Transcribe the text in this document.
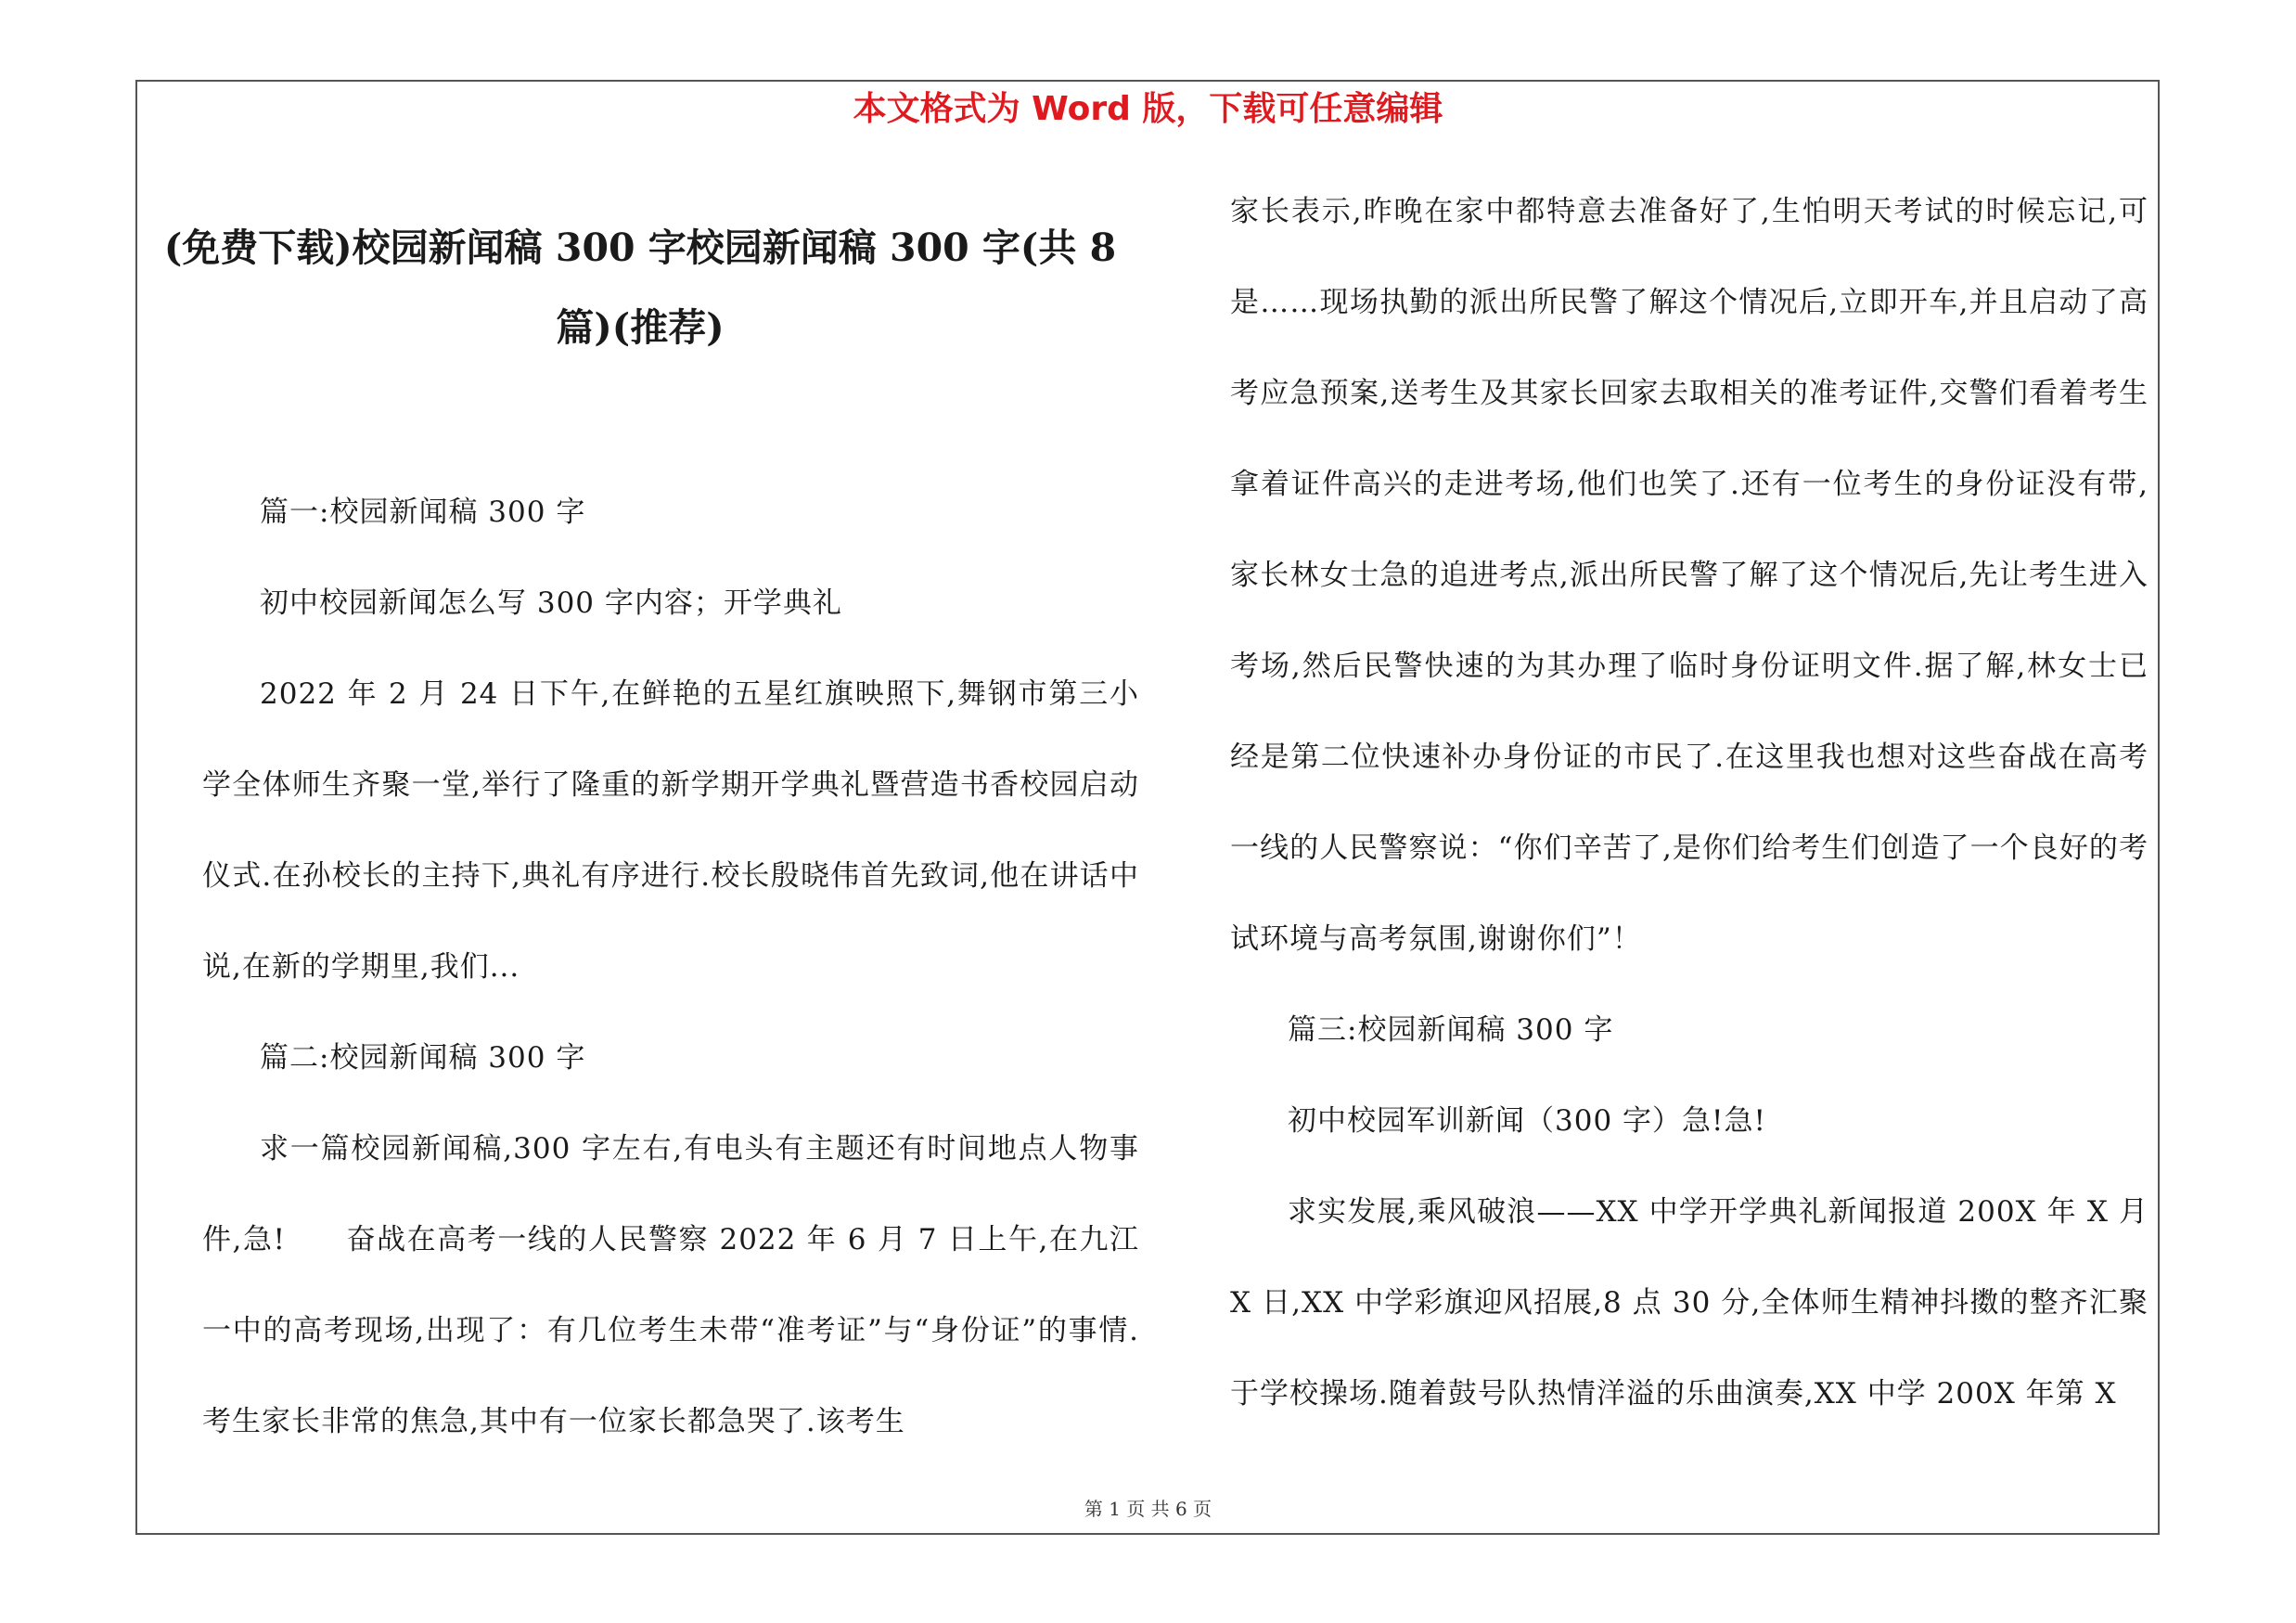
本文格式为 Word 版，下载可任意编辑
(免费下载)校园新闻稿 300 字校园新闻稿 300 字(共 8 篇)(推荐)
篇一:校园新闻稿 300 字
初中校园新闻怎么写 300 字内容；开学典礼
2022 年 2 月 24 日下午,在鲜艳的五星红旗映照下,舞钢市第三小学全体师生齐聚一堂,举行了隆重的新学期开学典礼暨营造书香校园启动仪式.在孙校长的主持下,典礼有序进行.校长殷晓伟首先致词,他在讲话中说,在新的学期里,我们...
篇二:校园新闻稿 300 字
求一篇校园新闻稿,300 字左右,有电头有主题还有时间地点人物事件,急!　　奋战在高考一线的人民警察 2022 年 6 月 7 日上午,在九江一中的高考现场,出现了：有几位考生未带“准考证”与“身份证”的事情.考生家长非常的焦急,其中有一位家长都急哭了.该考生
家长表示,昨晚在家中都特意去准备好了,生怕明天考试的时候忘记,可是……现场执勤的派出所民警了解这个情况后,立即开车,并且启动了高考应急预案,送考生及其家长回家去取相关的准考证件,交警们看着考生拿着证件高兴的走进考场,他们也笑了.还有一位考生的身份证没有带,家长林女士急的追进考点,派出所民警了解了这个情况后,先让考生进入考场,然后民警快速的为其办理了临时身份证明文件.据了解,林女士已经是第二位快速补办身份证的市民了.在这里我也想对这些奋战在高考一线的人民警察说：“你们辛苦了,是你们给考生们创造了一个良好的考试环境与高考氛围,谢谢你们”！
篇三:校园新闻稿 300 字
初中校园军训新闻（300 字）急!急!
求实发展,乘风破浪——XX 中学开学典礼新闻报道 200X 年 X 月 X 日,XX 中学彩旗迎风招展,8 点 30 分,全体师生精神抖擞的整齐汇聚于学校操场.随着鼓号队热情洋溢的乐曲演奏,XX 中学 200X 年第 X
第 1 页 共 6 页
